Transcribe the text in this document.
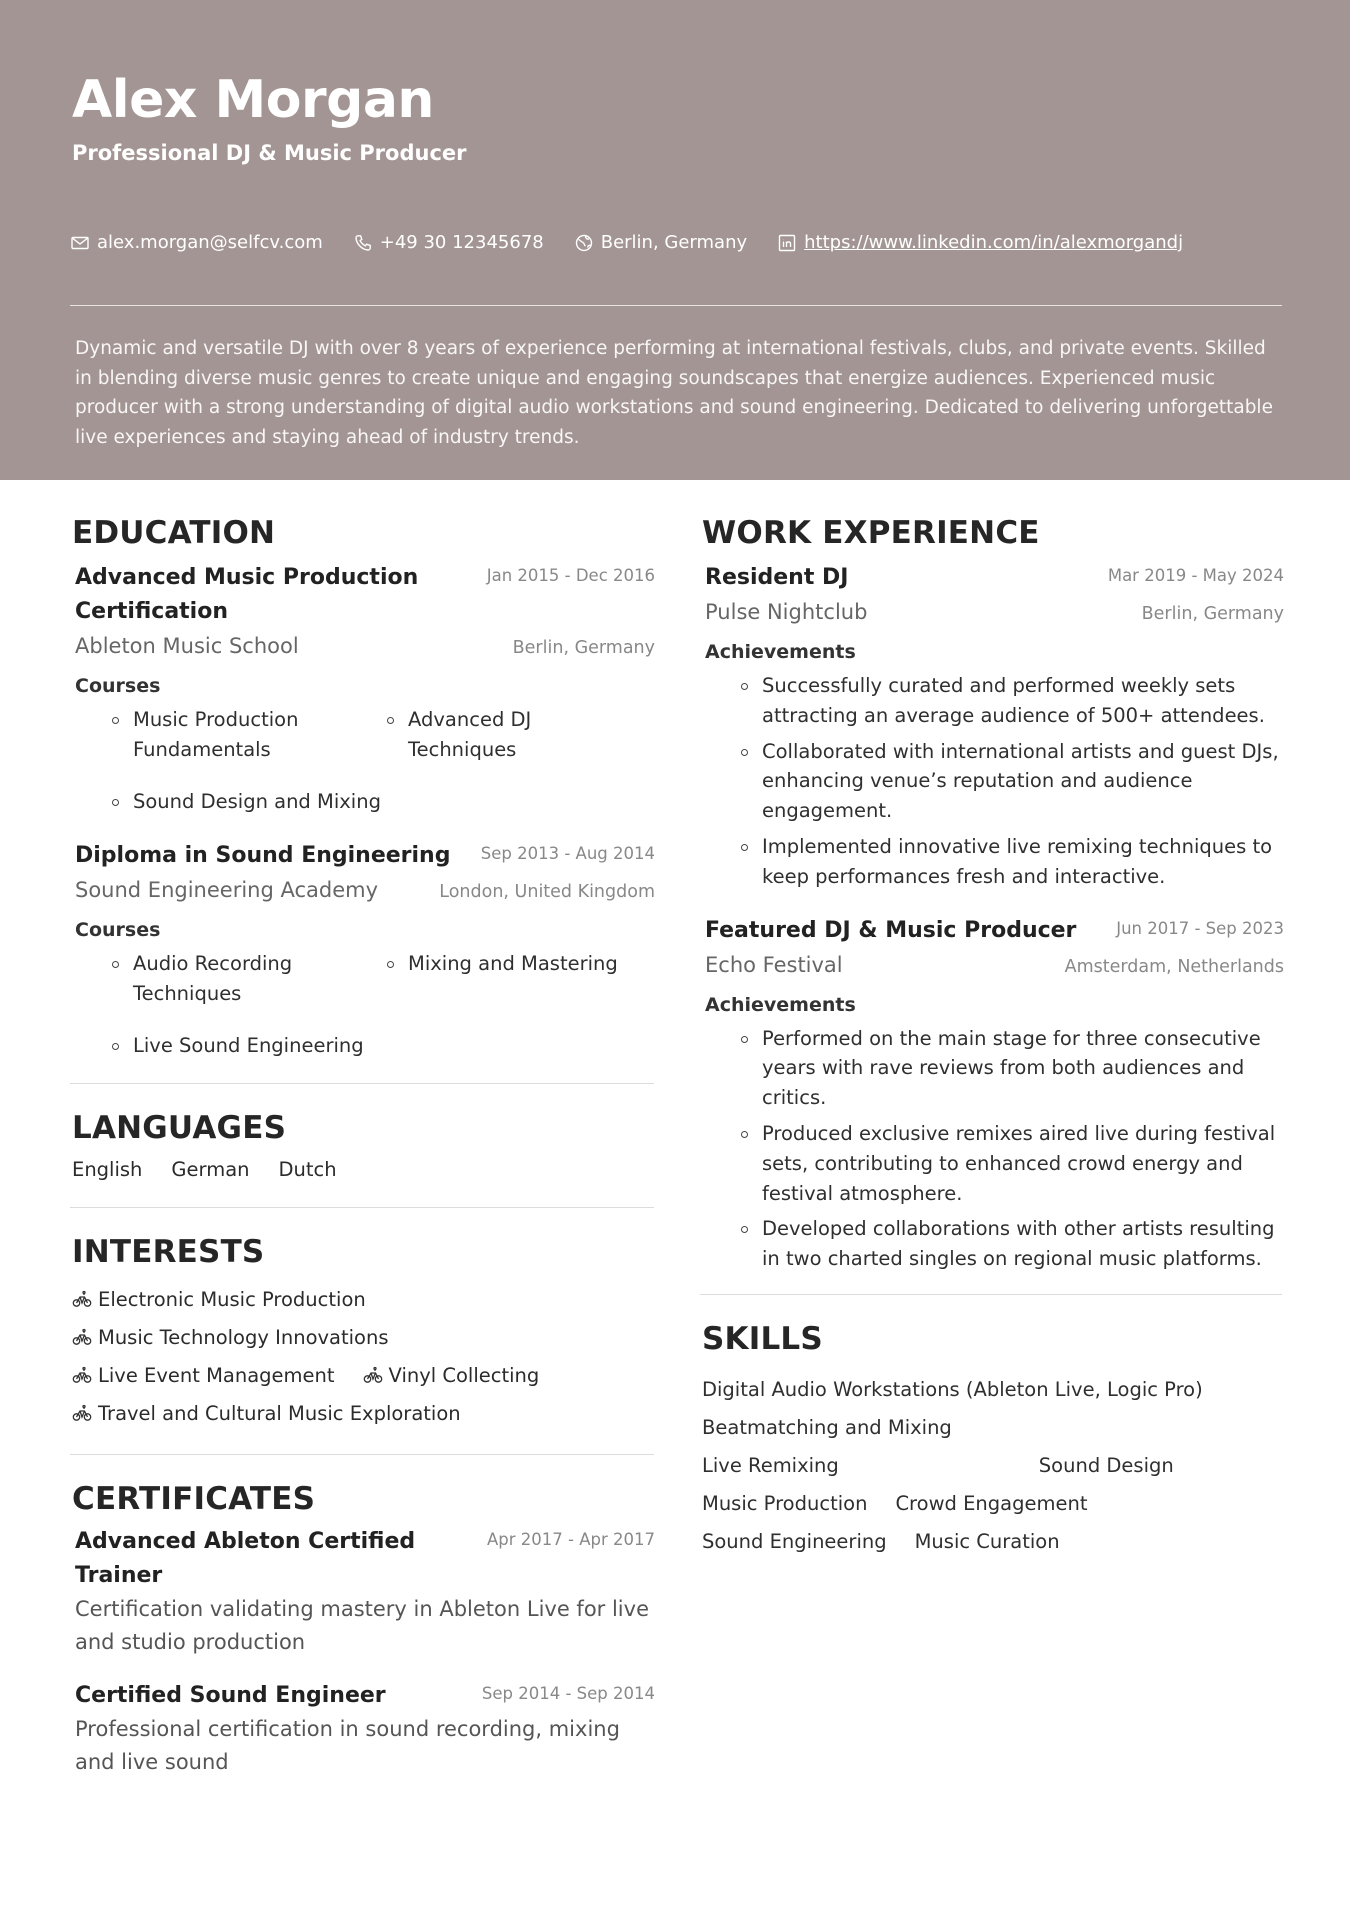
Alex Morgan
Professional DJ & Music Producer
alex.morgan@selfcv.com	+49 30 12345678	Berlin, Germany	https://www.linkedin.com/in/alexmorgandj
Dynamic and versatile DJ with over 8 years of experience performing at international festivals, clubs, and private events. Skilled in blending diverse music genres to create unique and engaging soundscapes that energize audiences. Experienced music producer with a strong understanding of digital audio workstations and sound engineering. Dedicated to delivering unforgettable live experiences and staying ahead of industry trends.
EDUCATION
Advanced Music Production Certification
Jan 2015 - Dec 2016
Ableton Music School	Berlin, Germany
Courses
Music Production Fundamentals
Advanced DJ Techniques
Sound Design and Mixing
Diploma in Sound Engineering Sep 2013 - Aug 2014
Sound Engineering Academy	London, United Kingdom
Courses
Audio Recording Techniques
Mixing and Mastering
Live Sound Engineering
LANGUAGES
English German Dutch
INTERESTS
Electronic Music Production
Music Technology Innovations
Live Event Management	Vinyl Collecting
Travel and Cultural Music Exploration
CERTIFICATES
Advanced Ableton Certified Trainer
Apr 2017 - Apr 2017
Certification validating mastery in Ableton Live for live and studio production
Certified Sound Engineer	Sep 2014 - Sep 2014
Professional certification in sound recording, mixing and live sound
WORK EXPERIENCE
Resident DJ	Mar 2019 - May 2024
Pulse Nightclub	Berlin, Germany
Achievements
Successfully curated and performed weekly sets attracting an average audience of 500+ attendees.
Collaborated with international artists and guest DJs, enhancing venue’s reputation and audience engagement.
Implemented innovative live remixing techniques to keep performances fresh and interactive.
Featured DJ & Music Producer Jun 2017 - Sep 2023
Echo Festival	Amsterdam, Netherlands
Achievements
Performed on the main stage for three consecutive years with rave reviews from both audiences and critics.
Produced exclusive remixes aired live during festival sets, contributing to enhanced crowd energy and festival atmosphere.
Developed collaborations with other artists resulting in two charted singles on regional music platforms.
SKILLS
Digital Audio Workstations (Ableton Live, Logic Pro)
Beatmatching and Mixing
Live Remixing	Sound Design
Music Production Crowd Engagement
Sound Engineering Music Curation
